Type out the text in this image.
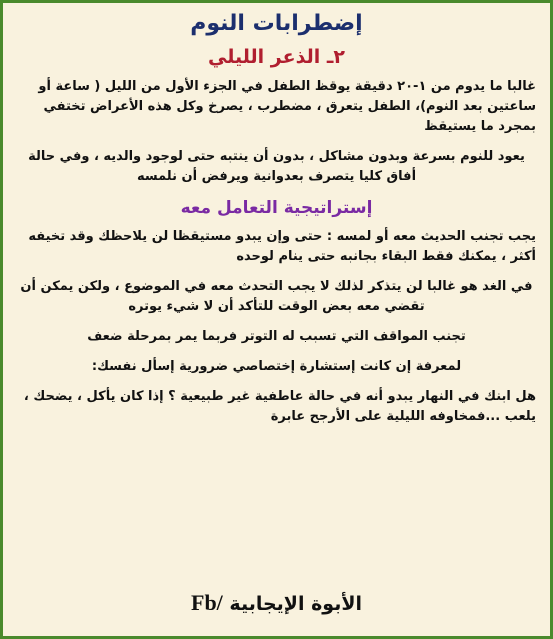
إضطرابات النوم
٢ـ الذعر الليلي

غالبا ما يدوم من ١-٢٠ دقيقة يوقظ الطفل في الجزء الأول من الليل ( ساعة أو ساعتين بعد النوم)، الطفل يتعرق ، مضطرب ، يصرخ وكل هذه الأعراض تختفي بمجرد ما يستيقظ

يعود للنوم بسرعة وبدون مشاكل ، بدون أن ينتبه حتى لوجود والديه ، وفي حالة أفاق كليا يتصرف بعدوانية ويرفض أن نلمسه

إستراتيجية التعامل معه

يجب تجنب الحديث معه أو لمسه : حتى وإن يبدو مستيقظا لن يلاحظك وقد تخيفه أكثر ، يمكنك فقط البقاء بجانبه حتى ينام لوحده

في الغد هو غالبا لن يتذكر لذلك لا يجب التحدث معه في الموضوع ، ولكن يمكن أن تقضي معه بعض الوقت للتأكد أن لا شيء يوتره

تجنب المواقف التي تسبب له التوتر فربما يمر بمرحلة ضعف

لمعرفة إن كانت إستشارة إختصاصي ضرورية إسأل نفسك:

هل ابنك في النهار يبدو أنه في حالة عاطفية غير طبيعية ؟ إذا كان يأكل ، يضحك ، يلعب ...فمخاوفه الليلية على الأرجح عابرة

الأبوة الإيجابية Fb/
